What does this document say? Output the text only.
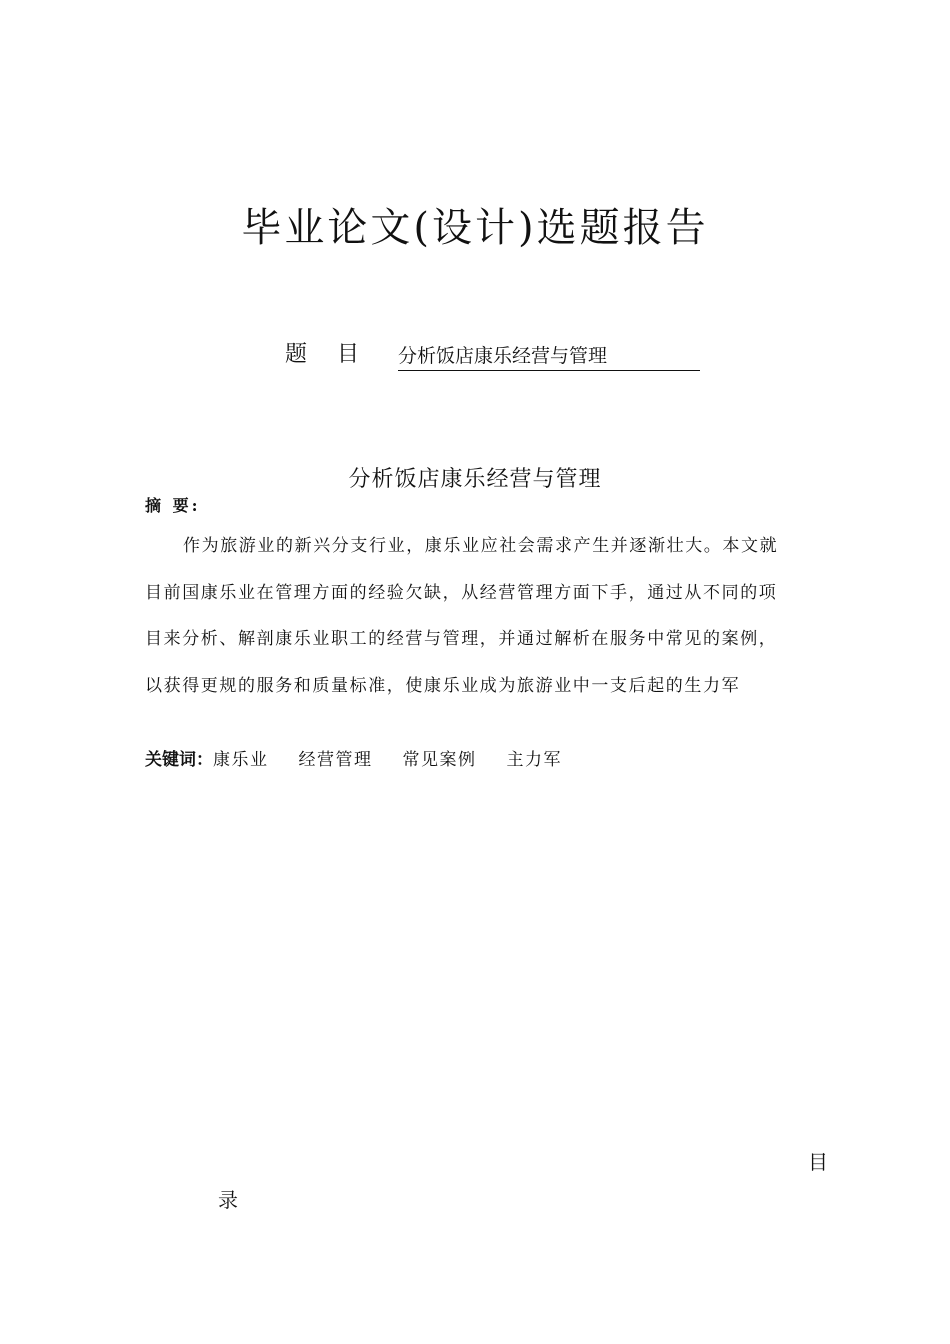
毕业论文(设计)选题报告
题 目 分析饭店康乐经营与管理
分析饭店康乐经营与管理
摘 要:
作为旅游业的新兴分支行业，康乐业应社会需求产生并逐渐壮大。本文就
目前国康乐业在管理方面的经验欠缺，从经营管理方面下手，通过从不同的项
目来分析、解剖康乐业职工的经营与管理，并通过解析在服务中常见的案例，
以获得更规的服务和质量标准，使康乐业成为旅游业中一支后起的生力军
关键词：康乐业 经营管理 常见案例 主力军
目
录
